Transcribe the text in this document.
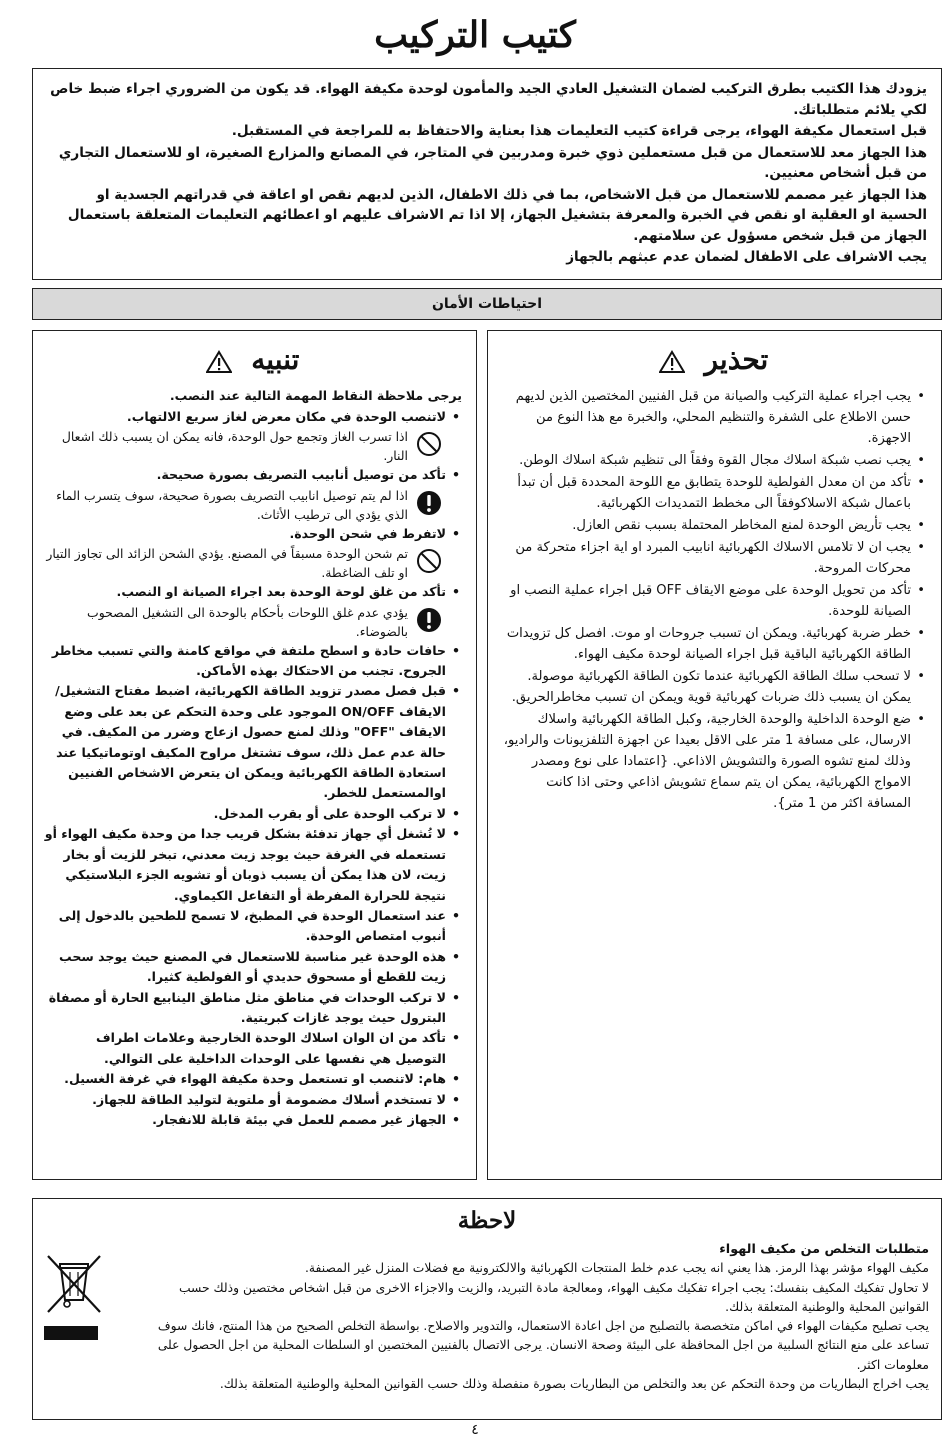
كتيب التركيب

يزودك هذا الكتيب بطرق التركيب لضمان التشغيل العادي الجيد والمأمون لوحدة مكيفة الهواء. قد يكون من الضروري اجراء ضبط خاص لكي يلائم متطلباتك.

قبل استعمال مكيفة الهواء، يرجى قراءة كتيب التعليمات هذا بعناية والاحتفاظ به للمراجعة في المستقبل.

هذا الجهاز معد للاستعمال من قبل مستعملين ذوي خبرة ومدربين في المتاجر، في المصانع والمزارع الصغيرة، او للاستعمال التجاري من قبل أشخاص معنيين.

هذا الجهاز غير مصمم للاستعمال من قبل الاشخاص، بما في ذلك الاطفال، الذين لديهم نقص او اعاقة في قدراتهم الجسدية او الحسية او العقلية او نقص في الخبرة والمعرفة بتشغيل الجهاز، إلا اذا تم الاشراف عليهم او اعطائهم التعليمات المتعلقة باستعمال الجهاز من قبل شخص مسؤول عن سلامتهم.

يجب الاشراف على الاطفال لضمان عدم عبثهم بالجهاز

احتياطات الأمان
تحذير
• يجب اجراء عملية التركيب والصيانة من قبل الفنيين المختصين الذين لديهم حسن الاطلاع على الشفرة والتنظيم المحلي، والخبرة مع هذا النوع من الاجهزة.
• يجب نصب شبكة اسلاك مجال القوة وفقاً الى تنظيم شبكة اسلاك الوطن.
• تأكد من ان معدل الفولطية للوحدة يتطابق مع اللوحة المحددة قبل أن تبدأ باعمال شبكة الاسلاكوفقاً الى مخطط التمديدات الكهربائية.
• يجب تأريض الوحدة لمنع المخاطر المحتملة بسبب نقص العازل.
• يجب ان لا تلامس الاسلاك الكهربائية انابيب المبرد او اية اجزاء متحركة من محركات المروحة.
• تأكد من تحويل الوحدة على موضع الايقاف OFF قبل اجراء عملية النصب او الصيانة للوحدة.
• خطر ضربة كهربائية. ويمكن ان تسبب جروحات او موت. افصل كل تزويدات الطاقة الكهربائية الباقية قبل اجراء الصيانة لوحدة مكيف الهواء.
• لا تسحب سلك الطاقة الكهربائية عندما تكون الطاقة الكهربائية موصولة. يمكن ان يسبب ذلك ضربات كهربائية قوية ويمكن ان تسبب مخاطرالحريق.
• ضع الوحدة الداخلية والوحدة الخارجية، وكبل الطاقة الكهربائية واسلاك الارسال، على مسافة 1 متر على الاقل بعيدا عن اجهزة التلفزيونات والراديو، وذلك لمنع تشوه الصورة والتشويش الاذاعي. {اعتمادا على نوع ومصدر الامواج الكهربائية، يمكن ان يتم سماع تشويش اذاعي وحتى اذا كانت المسافة اكثر من 1 متر}.
تنبيه

يرجى ملاحظة النقاط المهمة التالية عند النصب.

• لاتنصب الوحدة في مكان معرض لغاز سريع الالتهاب.
اذا تسرب الغاز وتجمع حول الوحدة، فانه يمكن ان يسبب ذلك اشعال النار.
• تأكد من توصيل أنابيب التصريف بصورة صحيحة.
اذا لم يتم توصيل انابيب التصريف بصورة صحيحة، سوف يتسرب الماء الذي يؤدي الى ترطيب الأثاث.
• لاتفرط في شحن الوحدة.
تم شحن الوحدة مسبقاً في المصنع. يؤدي الشحن الزائد الى تجاوز التيار او تلف الضاغطة.
• تأكد من غلق لوحة الوحدة بعد اجراء الصيانة او النصب.
يؤدي عدم غلق اللوحات بأحكام بالوحدة الى التشغيل المصحوب بالضوضاء.
• حافات حادة و اسطح ملتفة في مواقع كامنة والتي تسبب مخاطر الجروح. تجنب من الاحتكاك بهذه الأماكن.
• قبل فصل مصدر تزويد الطاقة الكهربائية، اضبط مفتاح التشغيل/ الايقاف ON/OFF الموجود على وحدة التحكم عن بعد على وضع الايقاف "OFF" وذلك لمنع حصول ازعاج وضرر من المكيف. في حالة عدم عمل ذلك، سوف تشتغل مراوح المكيف اوتوماتيكيا عند استعادة الطاقة الكهربائية ويمكن ان يتعرض الاشخاص الفنيين اوالمستعمل للخطر.
• لا تركب الوحدة على أو بقرب المدخل.
• لا تُشغل أي جهاز تدفئة بشكل قريب جدا من وحدة مكيف الهواء أو تستعمله في الغرفة حيث يوجد زيت معدني، تبخر للزيت أو بخار زيت، لان هذا يمكن أن يسبب ذوبان أو تشويه الجزء البلاستيكي نتيجة للحرارة المفرطة أو التفاعل الكيماوي.
• عند استعمال الوحدة في المطبخ، لا تسمح للطحين بالدخول إلى أنبوب امتصاص الوحدة.
• هذه الوحدة غير مناسبة للاستعمال في المصنع حيث يوجد سحب زيت للقطع أو مسحوق حديدي أو الفولطية كثيرا.
• لا تركب الوحدات في مناطق مثل مناطق الينابيع الحارة أو مصفاة البترول حيث يوجد غازات كبريتية.
• تأكد من ان الوان اسلاك الوحدة الخارجية وعلامات اطراف التوصيل هي نفسها على الوحدات الداخلية على التوالي.
• هام: لاتنصب او تستعمل وحدة مكيفة الهواء في غرفة الغسيل.
• لا تستخدم أسلاك مضمومة أو ملتوية لتوليد الطاقة للجهاز.
• الجهاز غير مصمم للعمل في بيئة قابلة للانفجار.
لاحظة
متطلبات التخلص من مكيف الهواء
مكيف الهواء مؤشر بهذا الرمز. هذا يعني انه يجب عدم خلط المنتجات الكهربائية والالكترونية مع فضلات المنزل غير المصنفة.
لا تحاول تفكيك المكيف بنفسك: يجب اجراء تفكيك مكيف الهواء، ومعالجة مادة التبريد، والزيت والاجزاء الاخرى من قبل اشخاص مختصين وذلك حسب القوانين المحلية والوطنية المتعلقة بذلك.
يجب تصليح مكيفات الهواء في اماكن متخصصة بالتصليح من اجل اعادة الاستعمال، والتدوير والاصلاح. بواسطة التخلص الصحيح من هذا المنتج، فانك سوف تساعد على منع النتائج السلبية من اجل المحافظة على البيئة وصحة الانسان. يرجى الاتصال بالفنيين المختصين او السلطات المحلية من اجل الحصول على معلومات اكثر.
يجب اخراج البطاريات من وحدة التحكم عن بعد والتخلص من البطاريات بصورة منفصلة وذلك حسب القوانين المحلية والوطنية المتعلقة بذلك.
٤
